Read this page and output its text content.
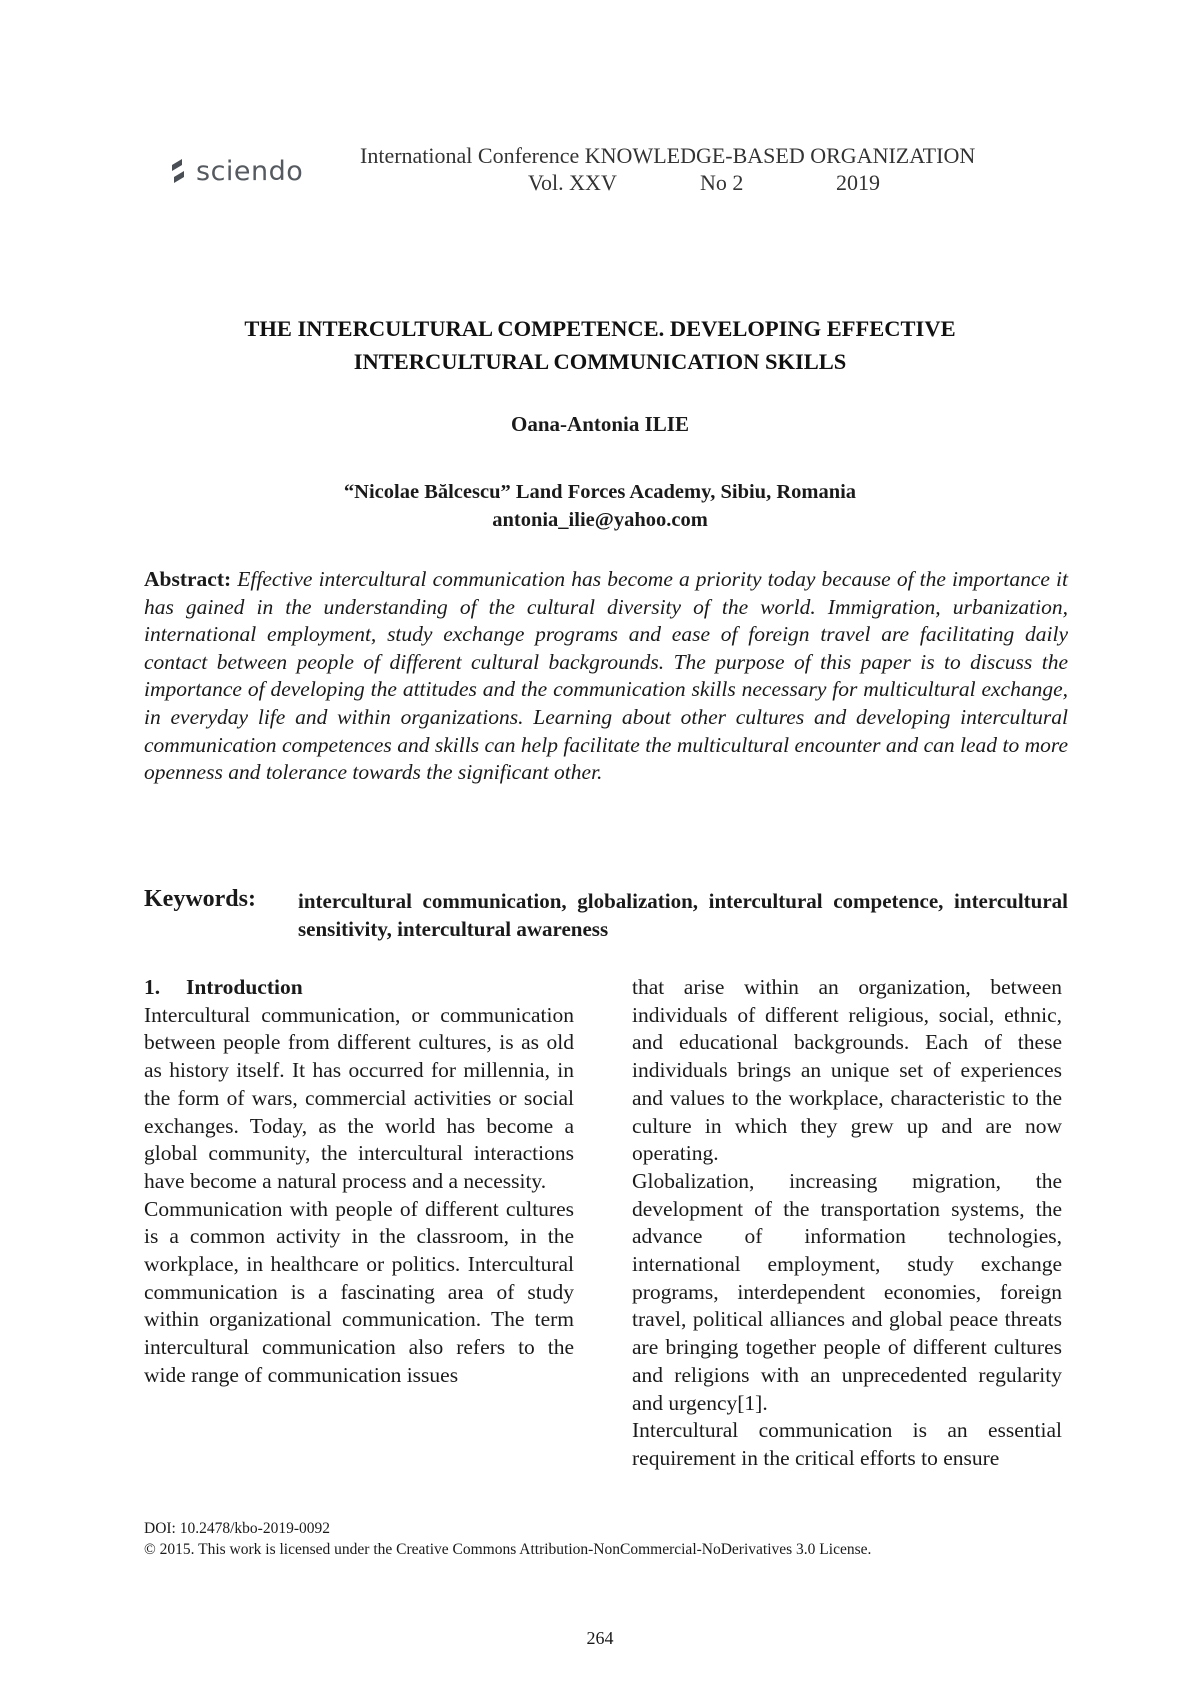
sciendo	International Conference KNOWLEDGE-BASED ORGANIZATION
Vol. XXV	No 2	2019
THE INTERCULTURAL COMPETENCE. DEVELOPING EFFECTIVE
INTERCULTURAL COMMUNICATION SKILLS
Oana-Antonia ILIE
“Nicolae Bălcescu” Land Forces Academy, Sibiu, Romania
antonia_ilie@yahoo.com
Abstract: Effective intercultural communication has become a priority today because of the importance it has gained in the understanding of the cultural diversity of the world. Immigration, urbanization, international employment, study exchange programs and ease of foreign travel are facilitating daily contact between people of different cultural backgrounds. The purpose of this paper is to discuss the importance of developing the attitudes and the communication skills necessary for multicultural exchange, in everyday life and within organizations. Learning about other cultures and developing intercultural communication competences and skills can help facilitate the multicultural encounter and can lead to more openness and tolerance towards the significant other.
Keywords: intercultural communication, globalization, intercultural competence, intercultural sensitivity, intercultural awareness
1. Introduction

Intercultural communication, or communication between people from different cultures, is as old as history itself. It has occurred for millennia, in the form of wars, commercial activities or social exchanges. Today, as the world has become a global community, the intercultural interactions have become a natural process and a necessity.

Communication with people of different cultures is a common activity in the classroom, in the workplace, in healthcare or politics. Intercultural communication is a fascinating area of study within organizational communication. The term intercultural communication also refers to the wide range of communication issues

that arise within an organization, between individuals of different religious, social, ethnic, and educational backgrounds. Each of these individuals brings an unique set of experiences and values to the workplace, characteristic to the culture in which they grew up and are now operating.

Globalization, increasing migration, the development of the transportation systems, the advance of information technologies, international employment, study exchange programs, interdependent economies, foreign travel, political alliances and global peace threats are bringing together people of different cultures and religions with an unprecedented regularity and urgency[1].

Intercultural communication is an essential requirement in the critical efforts to ensure

DOI: 10.2478/kbo-2019-0092
© 2015. This work is licensed under the Creative Commons Attribution-NonCommercial-NoDerivatives 3.0 License.
264
